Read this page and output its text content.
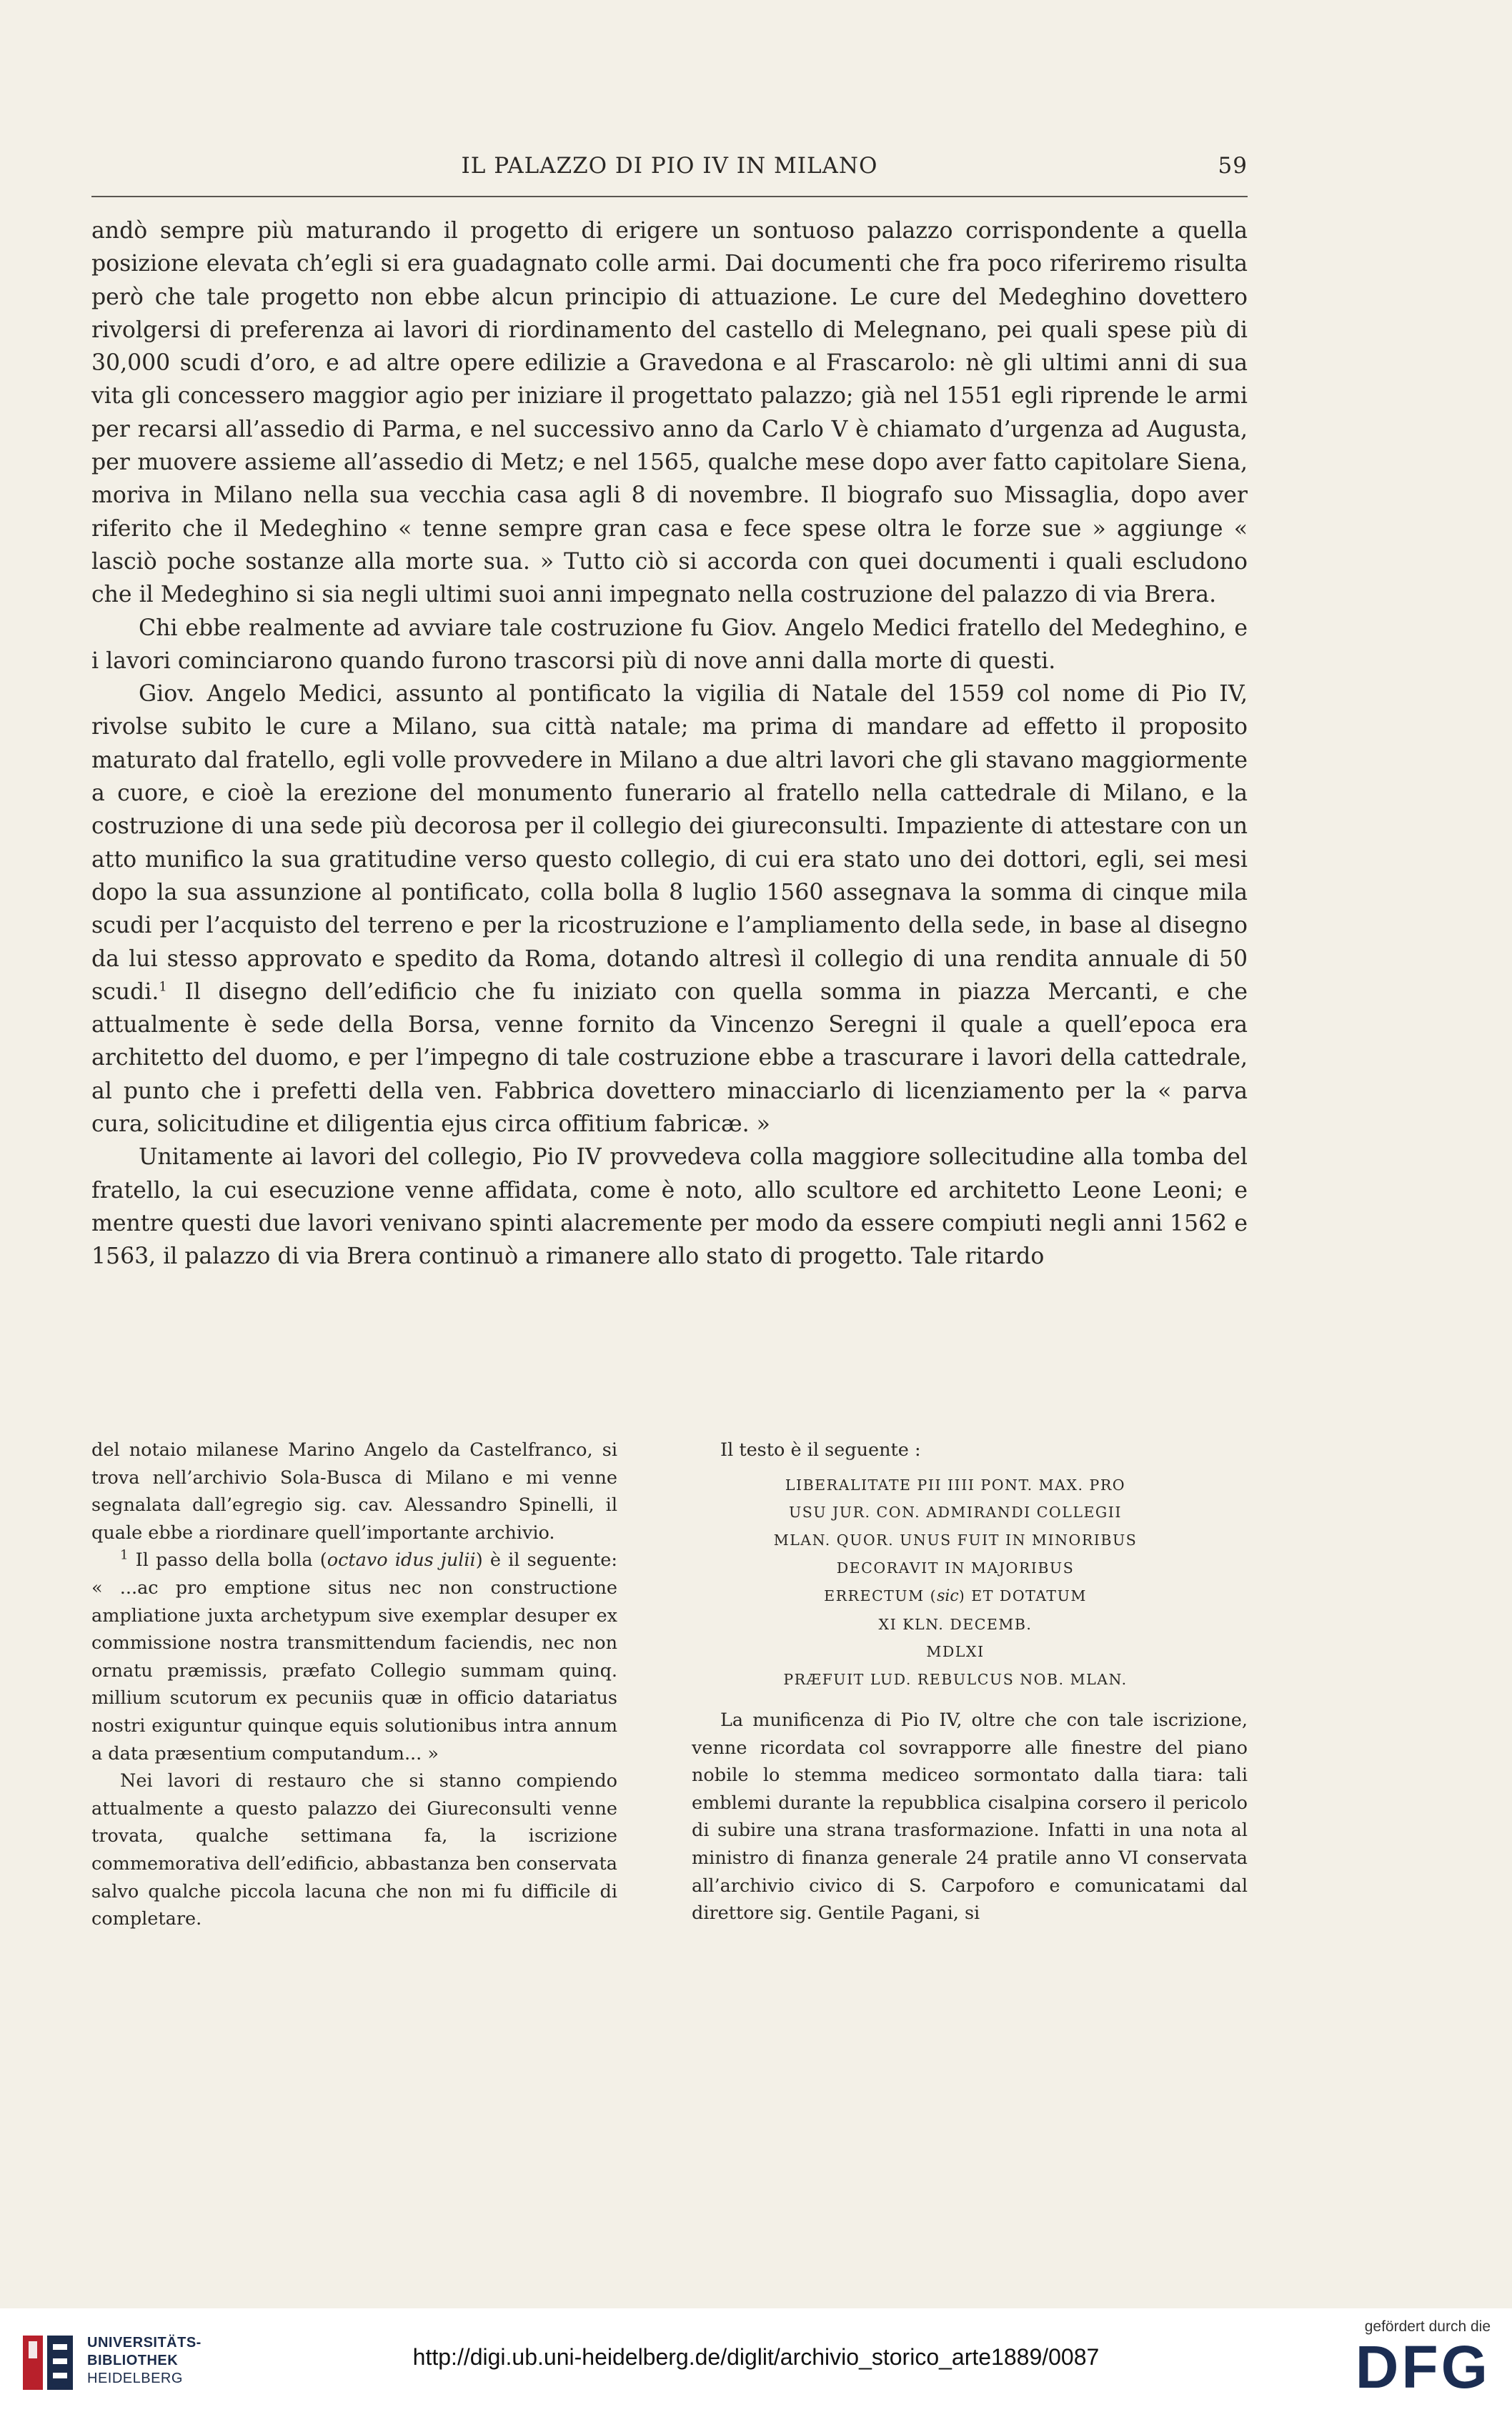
IL PALAZZO DI PIO IV IN MILANO	59

andò sempre più maturando il progetto di erigere un sontuoso palazzo corrispondente a quella posizione elevata ch’egli si era guadagnato colle armi. Dai documenti che fra poco riferiremo risulta però che tale progetto non ebbe alcun principio di attuazione. Le cure del Medeghino dovettero rivolgersi di preferenza ai lavori di riordinamento del castello di Melegnano, pei quali spese più di 30,000 scudi d’oro, e ad altre opere edilizie a Gravedona e al Frascarolo: nè gli ultimi anni di sua vita gli concessero maggior agio per iniziare il progettato palazzo; già nel 1551 egli riprende le armi per recarsi all’assedio di Parma, e nel successivo anno da Carlo V è chiamato d’urgenza ad Augusta, per muovere assieme all’assedio di Metz; e nel 1565, qualche mese dopo aver fatto capitolare Siena, moriva in Milano nella sua vecchia casa agli 8 di novembre. Il biografo suo Missaglia, dopo aver riferito che il Medeghino « tenne sempre gran casa e fece spese oltra le forze sue » aggiunge « lasciò poche sostanze alla morte sua. » Tutto ciò si accorda con quei documenti i quali escludono che il Medeghino si sia negli ultimi suoi anni impegnato nella costruzione del palazzo di via Brera.

Chi ebbe realmente ad avviare tale costruzione fu Giov. Angelo Medici fratello del Medeghino, e i lavori cominciarono quando furono trascorsi più di nove anni dalla morte di questi.

Giov. Angelo Medici, assunto al pontificato la vigilia di Natale del 1559 col nome di Pio IV, rivolse subito le cure a Milano, sua città natale; ma prima di mandare ad effetto il proposito maturato dal fratello, egli volle provvedere in Milano a due altri lavori che gli stavano maggiormente a cuore, e cioè la erezione del monumento funerario al fratello nella cattedrale di Milano, e la costruzione di una sede più decorosa per il collegio dei giureconsulti. Impaziente di attestare con un atto munifico la sua gratitudine verso questo collegio, di cui era stato uno dei dottori, egli, sei mesi dopo la sua assunzione al pontificato, colla bolla 8 luglio 1560 assegnava la somma di cinque mila scudi per l’acquisto del terreno e per la ricostruzione e l’ampliamento della sede, in base al disegno da lui stesso approvato e spedito da Roma, dotando altresì il collegio di una rendita annuale di 50 scudi.$^1$ Il disegno dell’edificio che fu iniziato con quella somma in piazza Mercanti, e che attualmente è sede della Borsa, venne fornito da Vincenzo Seregni il quale a quell’epoca era architetto del duomo, e per l’impegno di tale costruzione ebbe a trascurare i lavori della cattedrale, al punto che i prefetti della ven. Fabbrica dovettero minacciarlo di licenziamento per la « parva cura, solicitudine et diligentia ejus circa offitium fabricæ. »

Unitamente ai lavori del collegio, Pio IV provvedeva colla maggiore sollecitudine alla tomba del fratello, la cui esecuzione venne affidata, come è noto, allo scultore ed architetto Leone Leoni; e mentre questi due lavori venivano spinti alacremente per modo da essere compiuti negli anni 1562 e 1563, il palazzo di via Brera continuò a rimanere allo stato di progetto. Tale ritardo

del notaio milanese Marino Angelo da Castelfranco, si trova nell’archivio Sola-Busca di Milano e mi venne segnalata dall’egregio sig. cav. Alessandro Spinelli, il quale ebbe a riordinare quell’importante archivio.

$^1$ Il passo della bolla (octavo idus julii) è il seguente: « ...ac pro emptione situs nec non constructione ampliatione juxta archetypum sive exemplar desuper ex commissione nostra transmittendum faciendis, nec non ornatu præmissis, præfato Collegio summam quinq. millium scutorum ex pecuniis quæ in officio datariatus nostri exiguntur quinque equis solutionibus intra annum a data præsentium computandum... »

Nei lavori di restauro che si stanno compiendo attualmente a questo palazzo dei Giureconsulti venne trovata, qualche settimana fa, la iscrizione commemorativa dell’edificio, abbastanza ben conservata salvo qualche piccola lacuna che non mi fu difficile di completare.

Il testo è il seguente :

LIBERALITATE PII IIII PONT. MAX. PRO
USU JUR. CON. ADMIRANDI COLLEGII
MLAN. QUOR. UNUS FUIT IN MINORIBUS
DECORAVIT IN MAJORIBUS
ERRECTUM (sic) ET DOTATUM
XI KLN. DECEMB.
MDLXI
PRÆFUIT LUD. REBULCUS NOB. MLAN.

La munificenza di Pio IV, oltre che con tale iscrizione, venne ricordata col sovrapporre alle finestre del piano nobile lo stemma mediceo sormontato dalla tiara: tali emblemi durante la repubblica cisalpina corsero il pericolo di subire una strana trasformazione. Infatti in una nota al ministro di finanza generale 24 pratile anno VI conservata all’archivio civico di S. Carpoforo e comunicatami dal direttore sig. Gentile Pagani, si

UNIVERSITÄTS-
BIBLIOTHEK
HEIDELBERG
http://digi.ub.uni-heidelberg.de/diglit/archivio_storico_arte1889/0087
gefördert durch die
DFG
